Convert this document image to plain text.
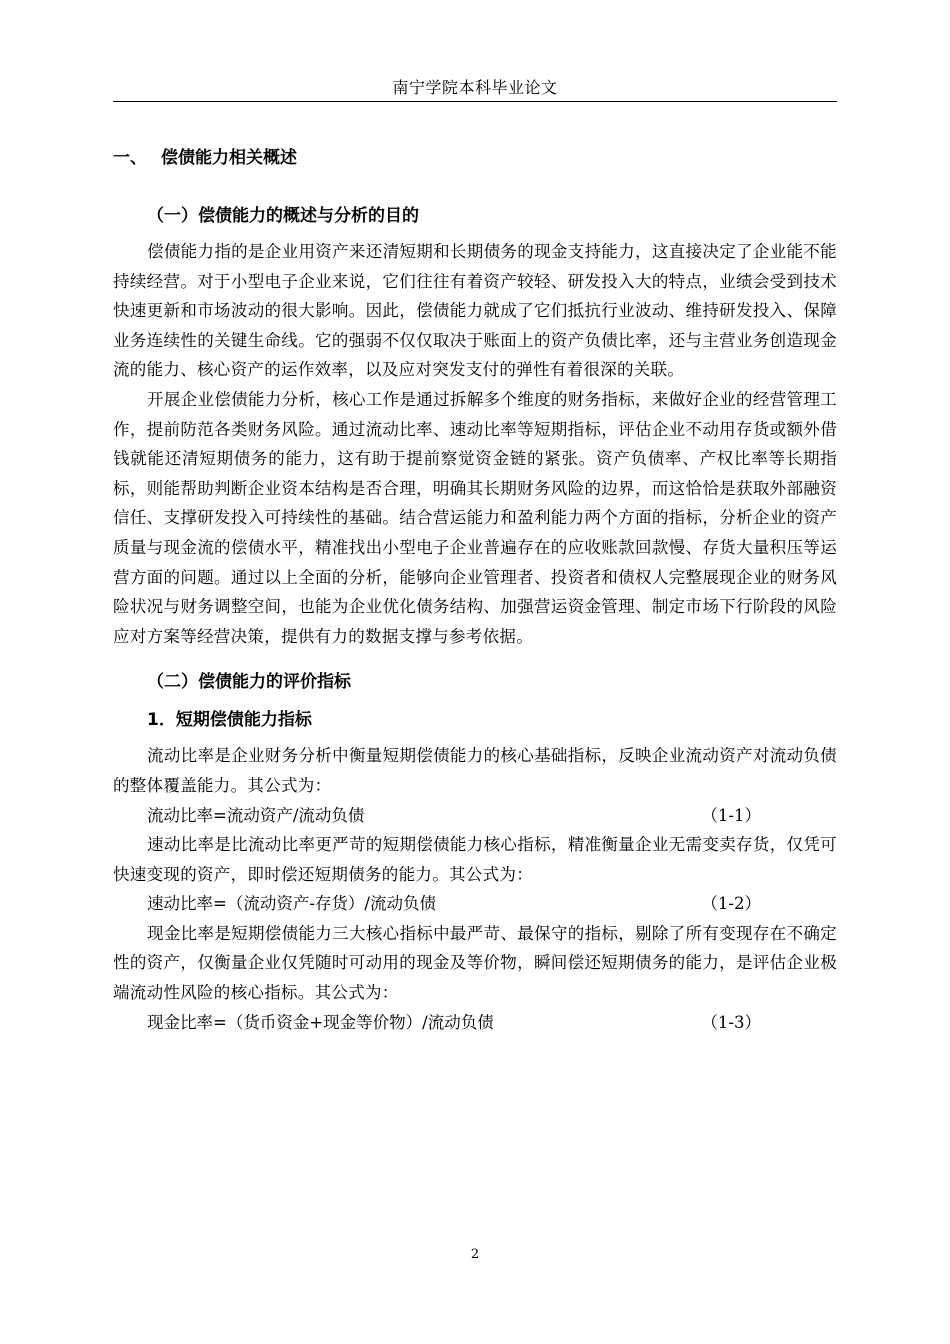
南宁学院本科毕业论文
一、 偿债能力相关概述
（一）偿债能力的概述与分析的目的

偿债能力指的是企业用资产来还清短期和长期债务的现金支持能力，这直接决定了企业能不能持续经营。对于小型电子企业来说，它们往往有着资产较轻、研发投入大的特点，业绩会受到技术快速更新和市场波动的很大影响。因此，偿债能力就成了它们抵抗行业波动、维持研发投入、保障业务连续性的关键生命线。它的强弱不仅仅取决于账面上的资产负债比率，还与主营业务创造现金流的能力、核心资产的运作效率，以及应对突发支付的弹性有着很深的关联。

开展企业偿债能力分析，核心工作是通过拆解多个维度的财务指标，来做好企业的经营管理工作，提前防范各类财务风险。通过流动比率、速动比率等短期指标，评估企业不动用存货或额外借钱就能还清短期债务的能力，这有助于提前察觉资金链的紧张。资产负债率、产权比率等长期指标，则能帮助判断企业资本结构是否合理，明确其长期财务风险的边界，而这恰恰是获取外部融资信任、支撑研发投入可持续性的基础。结合营运能力和盈利能力两个方面的指标，分析企业的资产质量与现金流的偿债水平，精准找出小型电子企业普遍存在的应收账款回款慢、存货大量积压等运营方面的问题。通过以上全面的分析，能够向企业管理者、投资者和债权人完整展现企业的财务风险状况与财务调整空间，也能为企业优化债务结构、加强营运资金管理、制定市场下行阶段的风险应对方案等经营决策，提供有力的数据支撑与参考依据。

（二）偿债能力的评价指标
1．短期偿债能力指标

流动比率是企业财务分析中衡量短期偿债能力的核心基础指标，反映企业流动资产对流动负债的整体覆盖能力。其公式为：

流动比率=流动资产/流动负债	（1-1）

速动比率是比流动比率更严苛的短期偿债能力核心指标，精准衡量企业无需变卖存货，仅凭可快速变现的资产，即时偿还短期债务的能力。其公式为：

速动比率=（流动资产-存货）/流动负债	（1-2）

现金比率是短期偿债能力三大核心指标中最严苛、最保守的指标，剔除了所有变现存在不确定性的资产，仅衡量企业仅凭随时可动用的现金及等价物，瞬间偿还短期债务的能力，是评估企业极端流动性风险的核心指标。其公式为：

现金比率=（货币资金+现金等价物）/流动负债	（1-3）
2
